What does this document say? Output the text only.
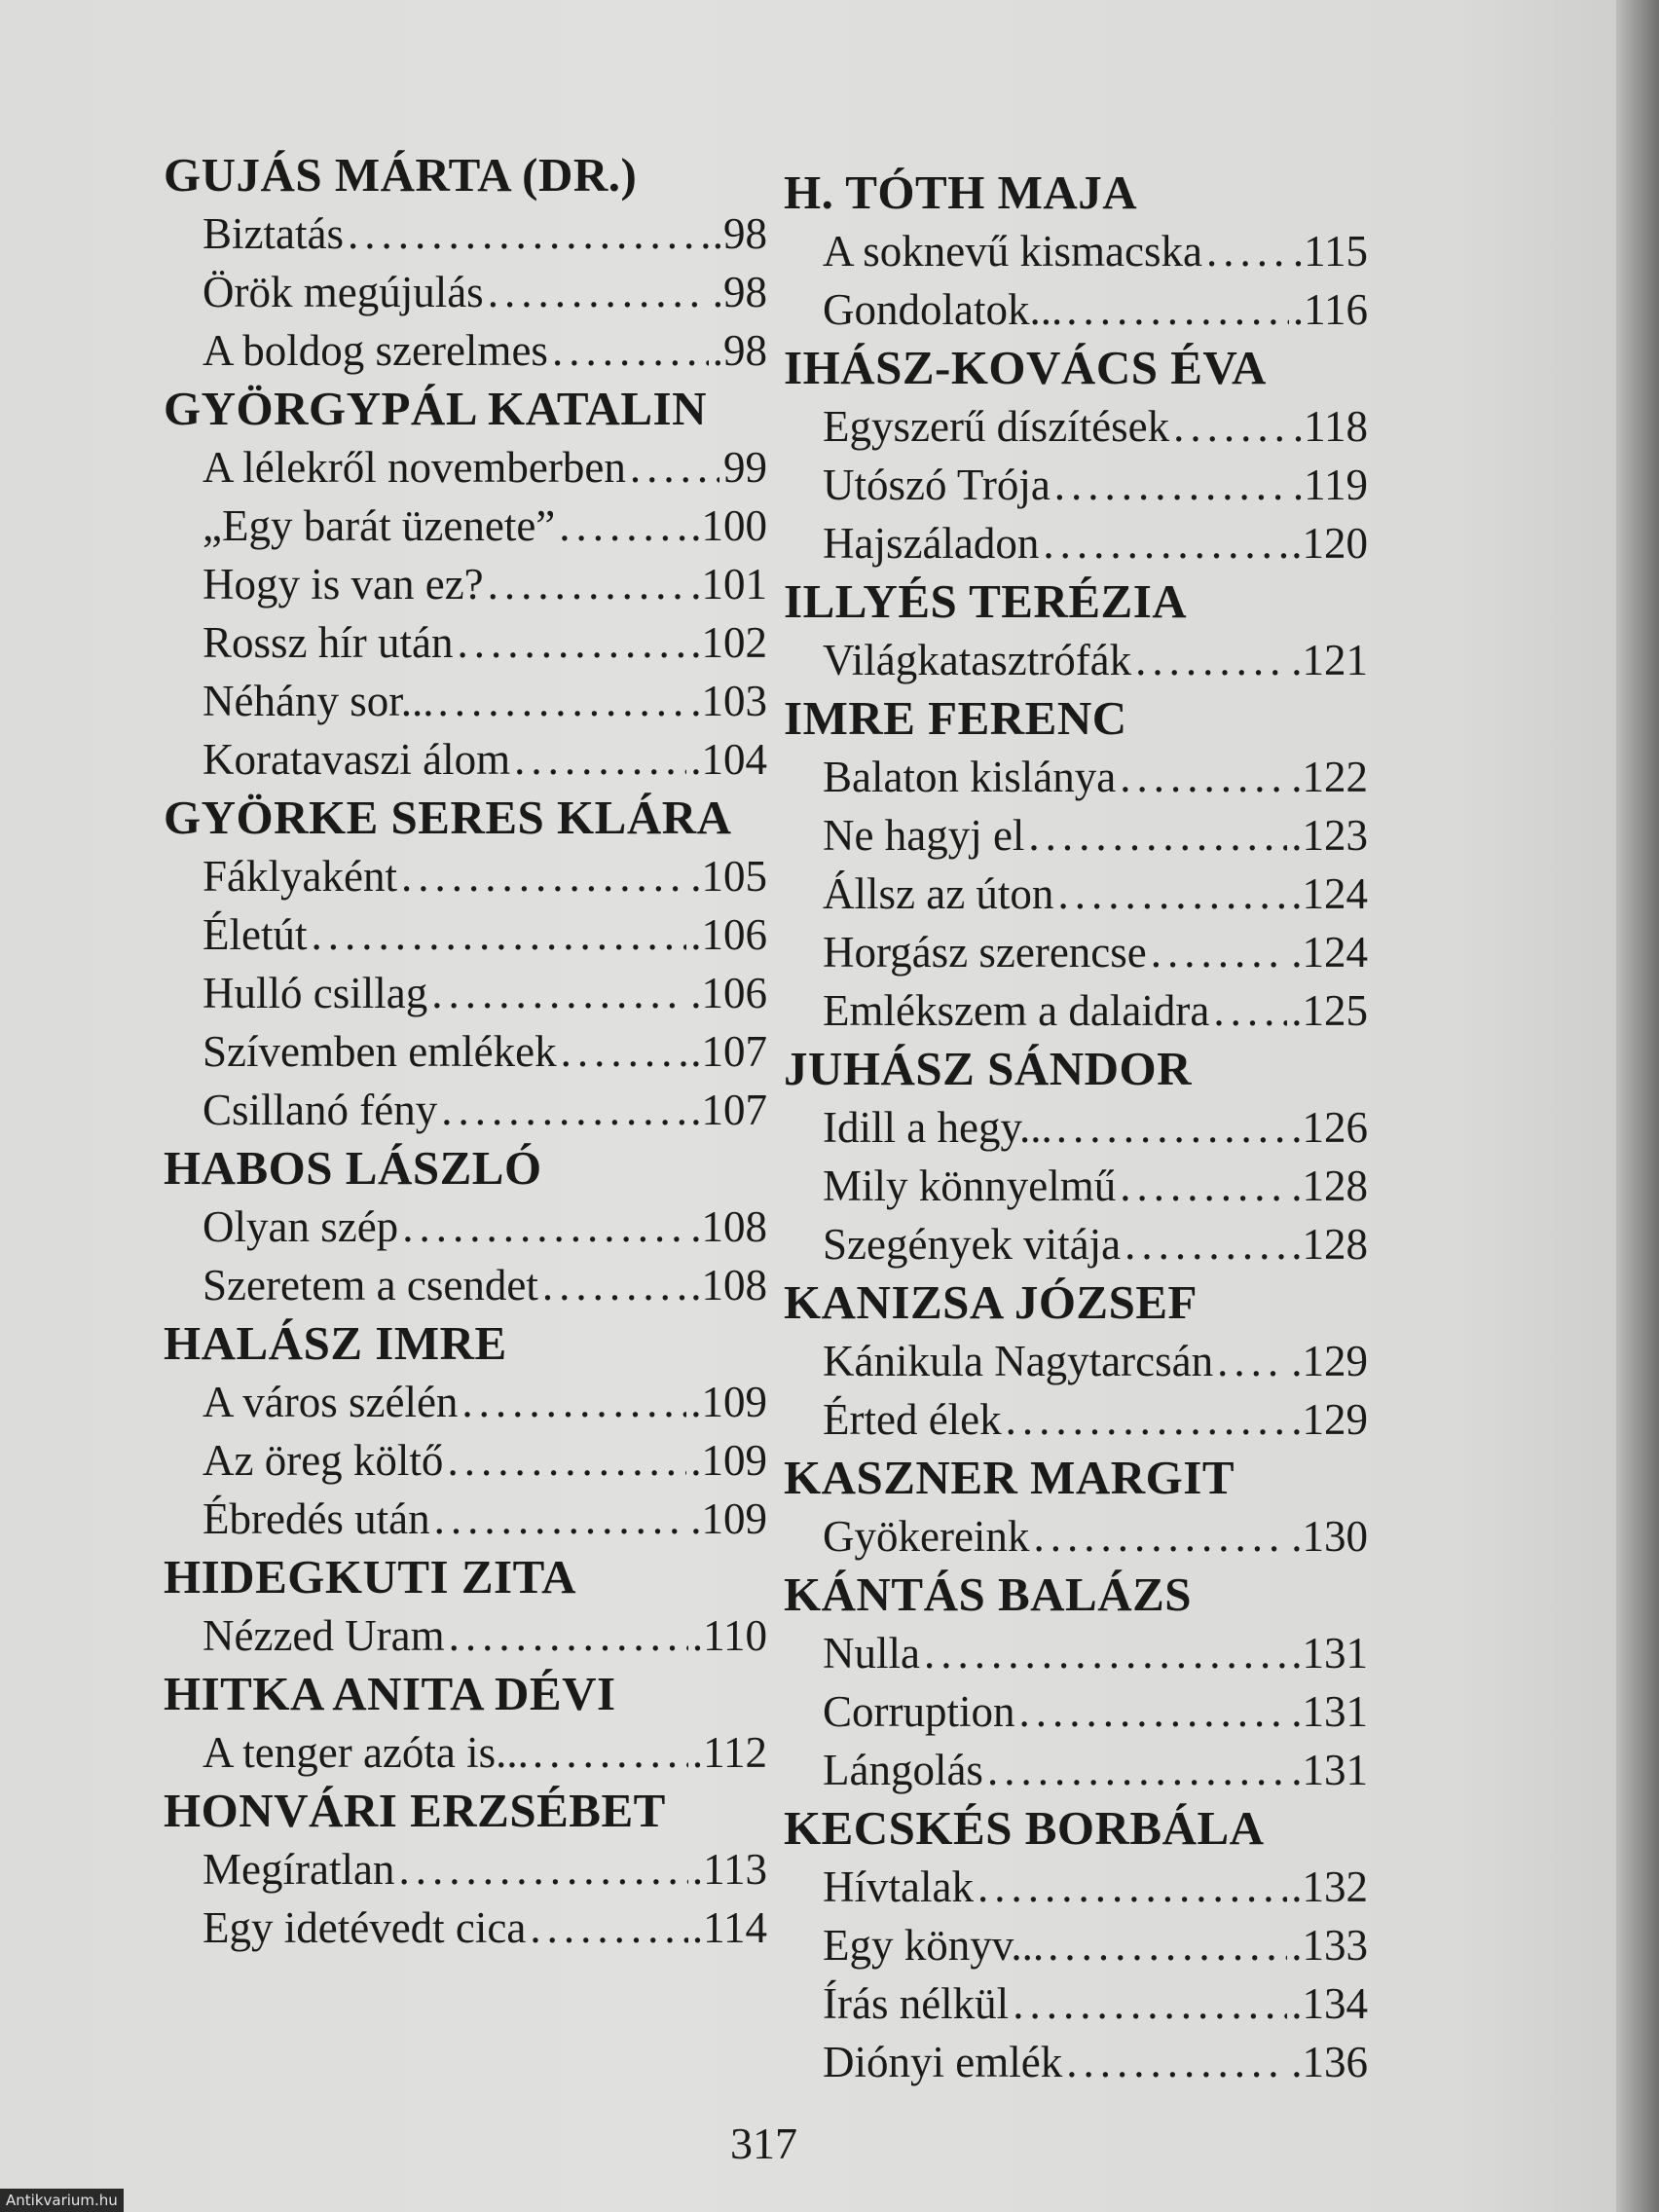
GUJÁS MÁRTA (DR.)
Biztatás .....	.98
Örök megújulás .....	.98
A boldog szerelmes .....	.98
GYÖRGYPÁL KATALIN
A lélekről novemberben ..... 99
„Egy barát üzenete” .....	.100
Hogy is van ez? .....	.101
Rossz hír után .....	.102
Néhány sor... .....	.103
Koratavaszi álom .....	.104
GYÖRKE SERES KLÁRA
Fáklyaként .....	.105
Életút .....	.106
Hulló csillag .....	.106
Szívemben emlékek .....	.107
Csillanó fény .....	.107
HABOS LÁSZLÓ
Olyan szép .....	.108
Szeretem a csendet .....	.108
HALÁSZ IMRE
A város szélén .....	.109
Az öreg költő .....	.109
Ébredés után .....	.109
HIDEGKUTI ZITA
Nézzed Uram .....	.110
HITKA ANITA DÉVI
A tenger azóta is... .....	.112
HONVÁRI ERZSÉBET
Megíratlan .....	.113
Egy idetévedt cica .....	.114
H. TÓTH MAJA
A soknevű kismacska ..... .115
Gondolatok... .....	.116
IHÁSZ-KOVÁCS ÉVA
Egyszerű díszítések .....	.118
Utószó Trója .....	.119
Hajszáladon .....	.120
ILLYÉS TERÉZIA
Világkatasztrófák .....	.121
IMRE FERENC
Balaton kislánya .....	.122
Ne hagyj el .....	.123
Állsz az úton .....	.124
Horgász szerencse .....	.124
Emlékszem a dalaidra ..... .125
JUHÁSZ SÁNDOR
Idill a hegy... .....	.126
Mily könnyelmű .....	.128
Szegények vitája .....	.128
KANIZSA JÓZSEF
Kánikula Nagytarcsán ..... .129
Érted élek .....	.129
KASZNER MARGIT
Gyökereink .....	.130
KÁNTÁS BALÁZS
Nulla .....	.131
Corruption .....	.131
Lángolás .....	.131
KECSKÉS BORBÁLA
Hívtalak .....	.132
Egy könyv... .....	.133
Írás nélkül .....	.134
Diónyi emlék .....	.136
317
Antikvarium.hu
